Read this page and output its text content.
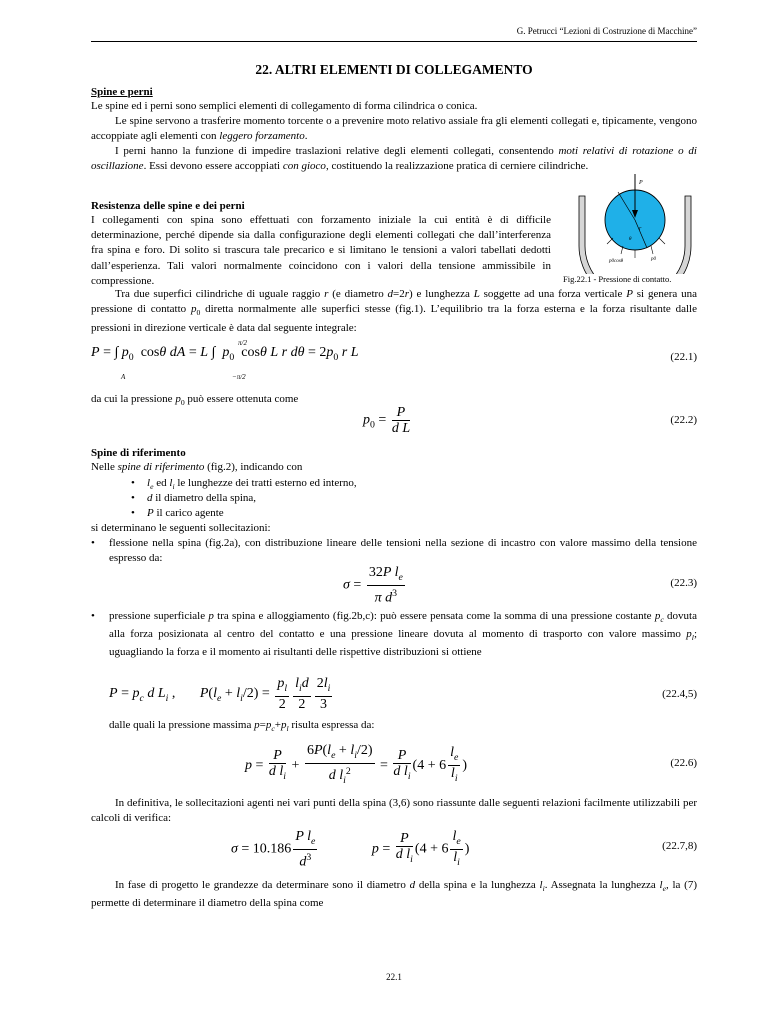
G. Petrucci “Lezioni di Costruzione di Macchine”
22. ALTRI ELEMENTI DI COLLEGAMENTO
Spine e perni

Le spine ed i perni sono semplici elementi di collegamento di forma cilindrica o conica.

Le spine servono a trasferire momento torcente o a prevenire moto relativo assiale fra gli elementi collegati e, tipicamente, vengono accoppiate agli elementi con leggero forzamento.

I perni hanno la funzione di impedire traslazioni relative degli elementi collegati, consentendo moti relativi di rotazione o di oscillazione. Essi devono essere accoppiati con gioco, costituendo la realizzazione pratica di cerniere cilindriche.

Resistenza delle spine e dei perni

I collegamenti con spina sono effettuati con forzamento iniziale la cui entità è di difficile determinazione, perché dipende sia dalla configurazione degli elementi collegati che dall’interferenza fra spina e foro. Di solito si trascura tale precarico e si limitano le tensioni a valori tabellati dedotti dall’esperienza. Tali valori normalmente coincidono con i valori della tensione ammissibile in compressione.

P
r
p0cosθ	p0
θ
Fig.22.1 - Pressione di contatto.

Tra due superfici cilindriche di uguale raggio r (e diametro d=2r) e lunghezza L soggette ad una forza verticale P si genera una pressione di contatto $p_0$ diretta normalmente alle superfici stesse (fig.1). L’equilibrio tra la forza esterna e la forza risultante dalle pressioni in direzione verticale è data dal seguente integrale:

P = ∫ $p_0$  cosθ dA = L ∫  $p_0$  cosθ L r $d\theta = 2p_0$ r L
A
π/2
−π/2
(22.1)

da cui la pressione $p_0$ può essere ottenuta come

$p_0 = \frac{P}{\text{d L}}$	(22.2)
Spine di riferimento

Nelle spine di riferimento (fig.2), indicando con

• $l_e$ ed $l_i$ le lunghezze dei tratti esterno ed interno,
• d il diametro della spina,
• P il carico agente

si determinano le seguenti sollecitazioni:

• flessione nella spina (fig.2a), con distribuzione lineare delle tensioni nella sezione di incastro con valore massimo della tensione espresso da:
$\sigma = \frac{32P l_e}{\pi d^3}$	(22.3)
• pressione superficiale p tra spina e alloggiamento (fig.2b,c): può essere pensata come la somma di una pressione costante $p_c$ dovuta alla forza posizionata al centro del contatto e una pressione lineare dovuta al momento di trasporto con valore massimo $p_l$; uguagliando la forza e il momento ai risultanti delle rispettive distribuzioni si ottiene
$P = p_c$ d $L_i$ ,       $P(l_e + l_i/2) = \frac{p_l}{2} \frac{l_id}{2} \frac{2l_i}{3}$	(22.4,5)

dalle quali la pressione massima $p=p_c+p_l$ risulta espressa da:

$p = \frac{P}{d l_i} + \frac{6P(l_e + l_i/2)}{d l_i^2} = \frac{P}{d l_i} (4 + 6 \frac{l_e}{l_i}$ )	(22.6)

In definitiva, le sollecitazioni agenti nei vari punti della spina (3,6) sono riassunte dalle seguenti relazioni facilmente utilizzabili per calcoli di verifica:

$\sigma = 10.186 \frac{P l_e}{d^3}$	$p = \frac{P}{d l_i} (4 + 6 \frac{l_e}{l_i}$ )	(22.7,8)

In fase di progetto le grandezze da determinare sono il diametro d della spina e la lunghezza $l_i$. Assegnata la lunghezza $l_e$, la (7) permette di determinare il diametro della spina come

22.1
